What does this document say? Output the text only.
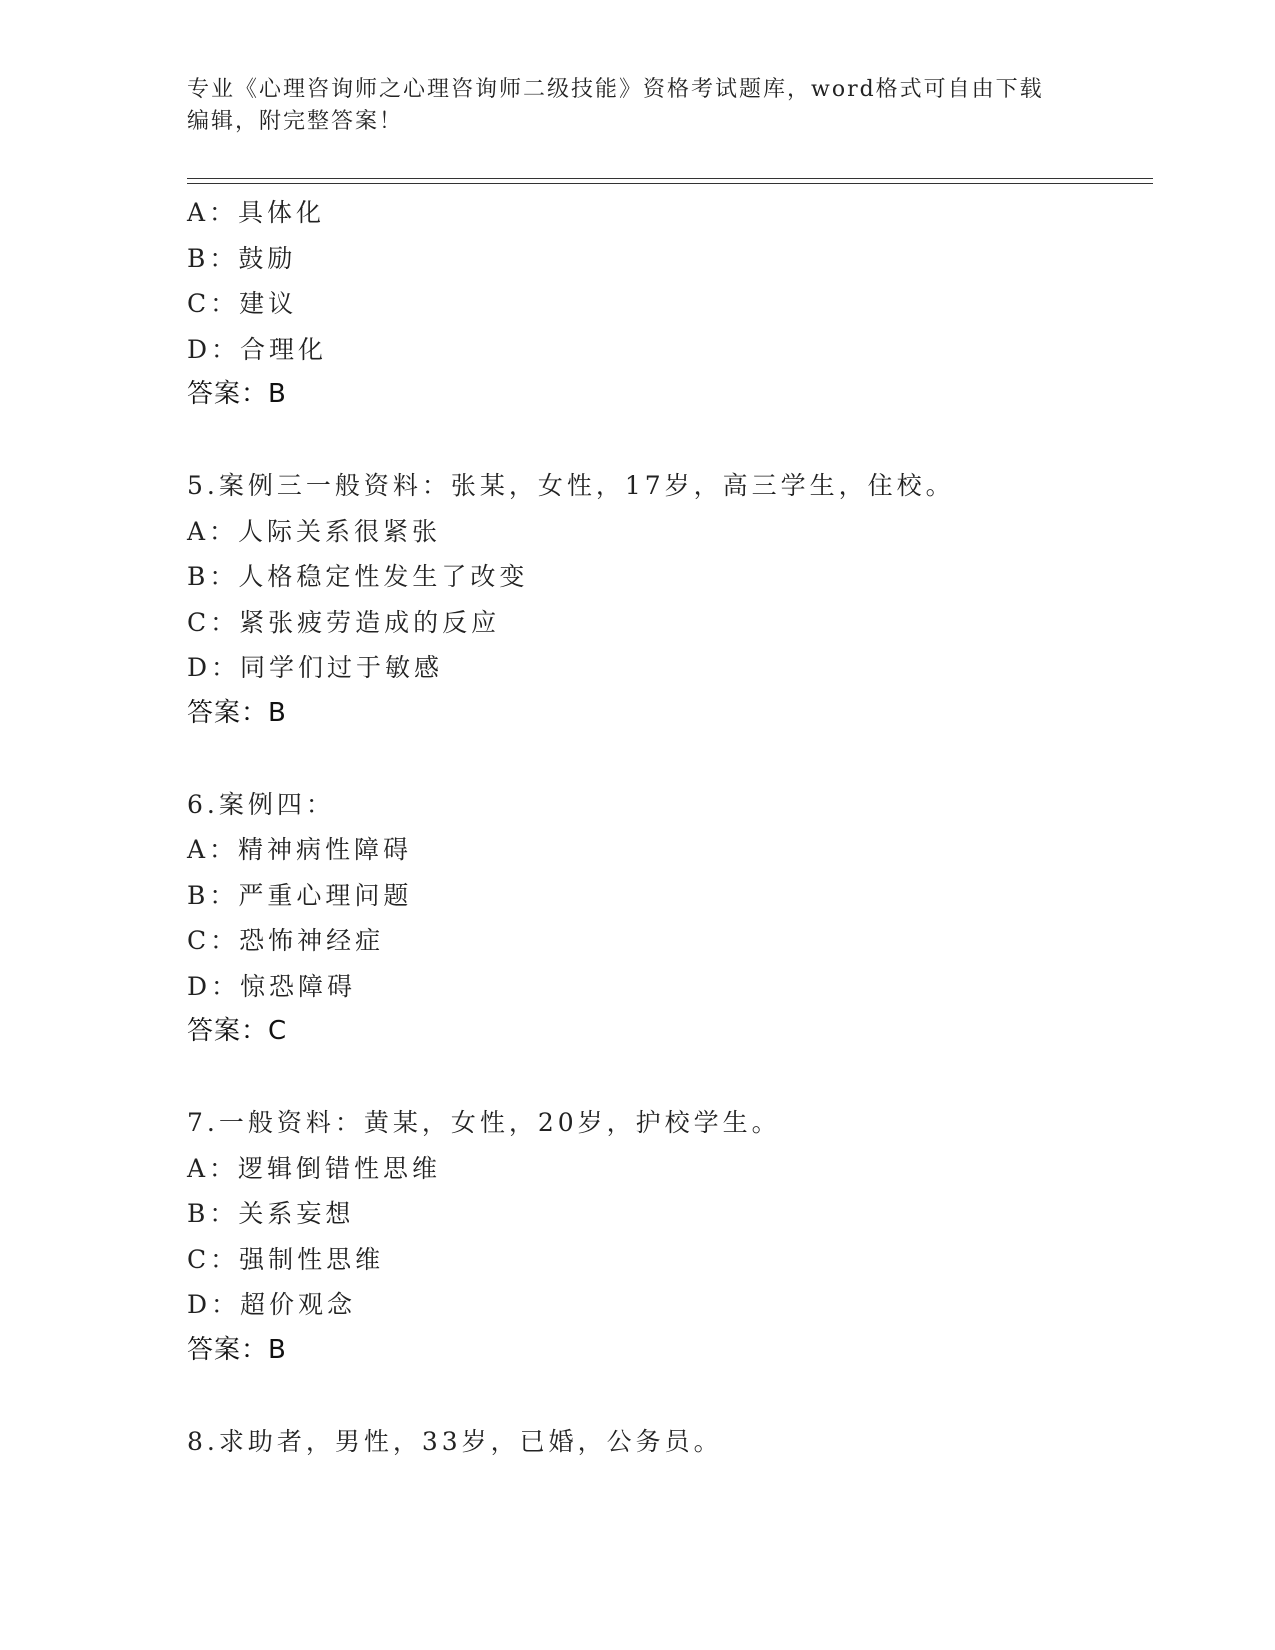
专业《心理咨询师之心理咨询师二级技能》资格考试题库，word格式可自由下载
编辑，附完整答案！
A：具体化
B：鼓励
C：建议
D：合理化
答案：B
5.案例三一般资料：张某，女性，17岁，高三学生，住校。
A：人际关系很紧张
B：人格稳定性发生了改变
C：紧张疲劳造成的反应
D：同学们过于敏感
答案：B
6.案例四：
A：精神病性障碍
B：严重心理问题
C：恐怖神经症
D：惊恐障碍
答案：C
7.一般资料：黄某，女性，20岁，护校学生。
A：逻辑倒错性思维
B：关系妄想
C：强制性思维
D：超价观念
答案：B
8.求助者，男性，33岁，已婚，公务员。
